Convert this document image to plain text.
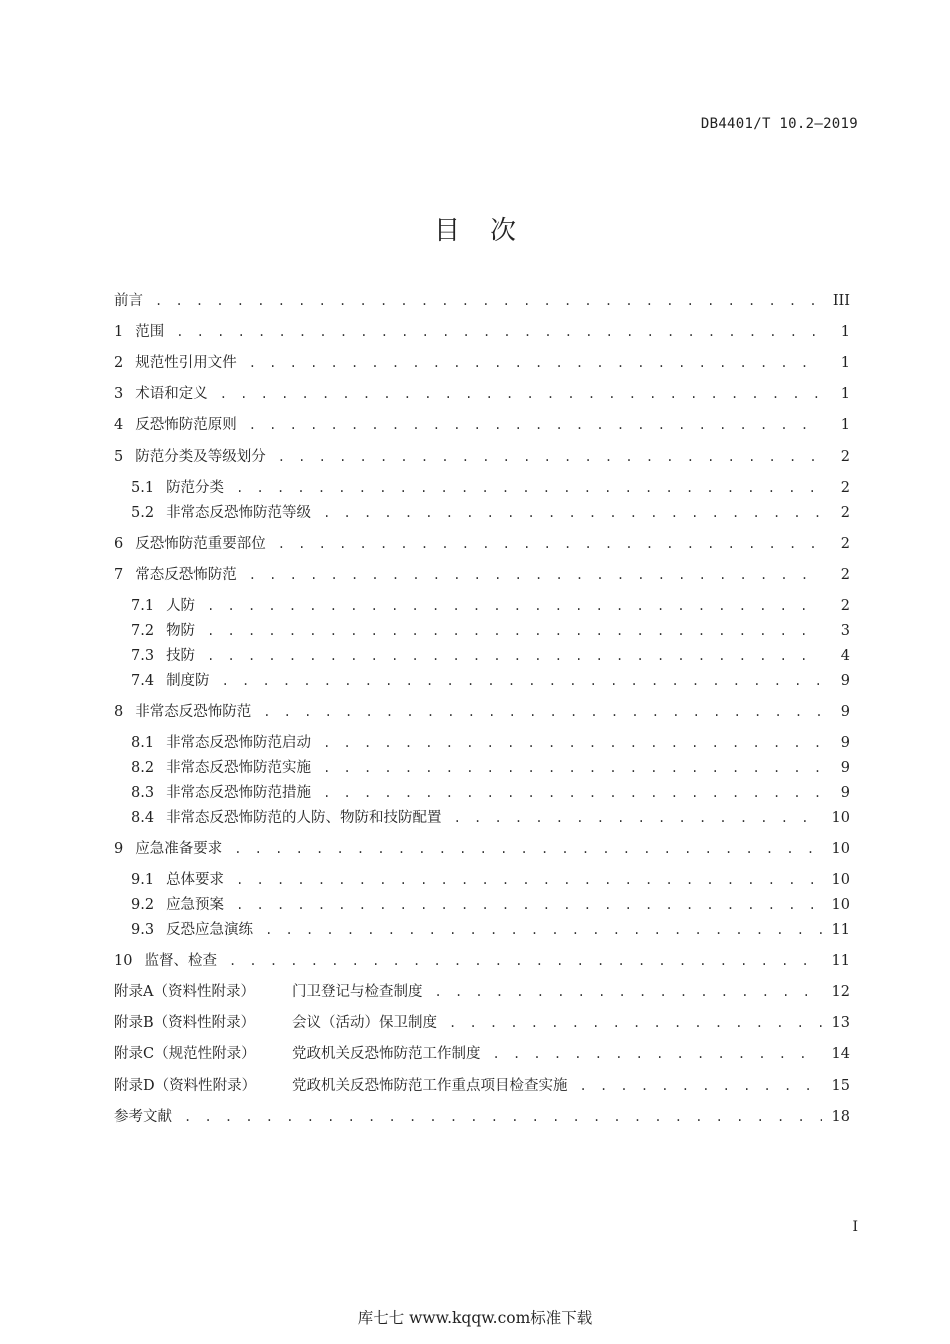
DB4401/T 10.2—2019
目次
前言 . . .	III
1 范围 . . .	1
2 规范性引用文件 . . .	1
3 术语和定义 . . .	1
4 反恐怖防范原则 . . .	1
5 防范分类及等级划分 . . .	2
5.1 防范分类 . . .	2
5.2 非常态反恐怖防范等级 . . .	2
6 反恐怖防范重要部位 . . .	2
7 常态反恐怖防范 . . .	2
7.1 人防 . . .	2
7.2 物防 . . .	3
7.3 技防 . . .	4
7.4 制度防 . . .	9
8 非常态反恐怖防范 . . .	9
8.1 非常态反恐怖防范启动 . . .	9
8.2 非常态反恐怖防范实施 . . .	9
8.3 非常态反恐怖防范措施 . . .	9
8.4 非常态反恐怖防范的人防、物防和技防配置 . . .	10
9 应急准备要求 . . .	10
9.1 总体要求 . . .	10
9.2 应急预案 . . .	10
9.3 反恐应急演练 . . .	11
10 监督、检查 . . .	11
附录A（资料性附录）	门卫登记与检查制度 . . .	12
附录B（资料性附录）	会议（活动）保卫制度 . . .	13
附录C（规范性附录）	党政机关反恐怖防范工作制度 . . .	14
附录D（资料性附录）	党政机关反恐怖防范工作重点项目检查实施 . . .	15
参考文献 . . .	18
I
库七七 www.kqqw.com标准下载
